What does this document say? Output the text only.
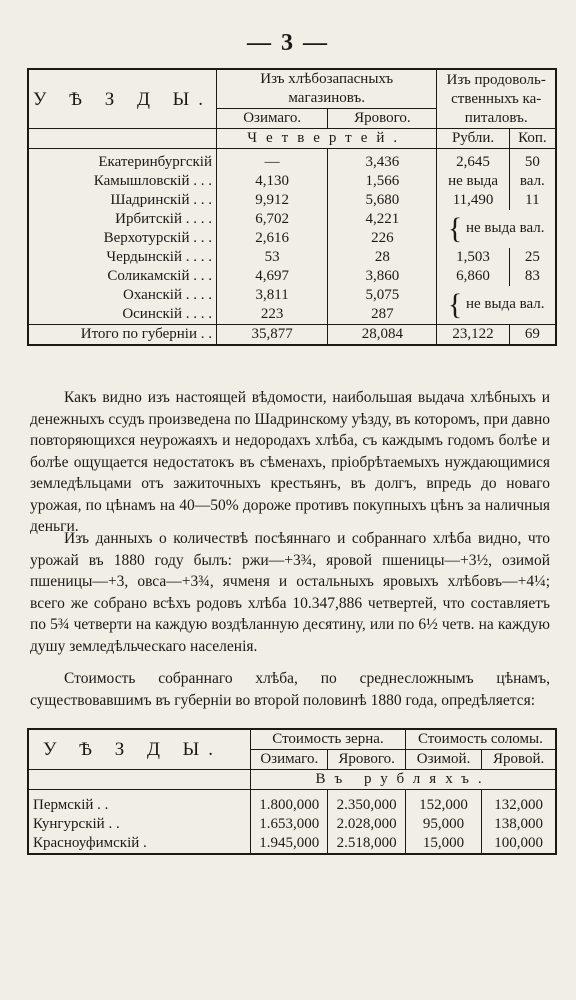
— 3 —
У Ѣ З Д Ы.	Изъ хлѣбозапасныхъ магазиновъ.		Изъ продоволь-ственныхъ ка-питаловъ.	
	Озимаго.	Ярового.		
	Четвертей.		Рубли.	Коп.

Екатеринбургскій	—	3,436	2,645	50
Камышловскій . . .	4,130	1,566	не выда	вал.
Шадринскій . . .	9,912	5,680	11,490	11
Ирбитскій . . . .	6,702	4,221	{ не выда вал.	
Верхотурскій . . .	2,616	226		
Чердынскій . . . .	53	28	1,503	25
Соликамскій . . .	4,697	3,860	6,860	83
Оханскій . . . .	3,811	5,075	{ не выда вал.	
Осинскій . . . .	223	287		
Итого по губерніи . .	35,877	28,084	23,122	69

Какъ видно изъ настоящей вѣдомости, наибольшая выдача хлѣбныхъ и денежныхъ ссудъ произведена по Шадринскому уѣзду, въ которомъ, при давно повторяющихся неурожаяхъ и недородахъ хлѣба, съ каждымъ годомъ болѣе и болѣе ощущается недостатокъ въ сѣменахъ, пріобрѣтаемыхъ нуждающимися земледѣльцами отъ зажиточныхъ крестьянъ, въ долгъ, впредь до новаго урожая, по цѣнамъ на 40—50% дороже противъ покупныхъ цѣнъ за наличныя деньги.

Изъ данныхъ о количествѣ посѣяннаго и собраннаго хлѣба видно, что урожай въ 1880 году былъ: ржи—+3¾, яровой пшеницы—+3½, озимой пшеницы—+3, овса—+3¾, ячменя и остальныхъ яровыхъ хлѣбовъ—+4¼; всего же собрано всѣхъ родовъ хлѣба 10.347,886 четвертей, что составляетъ по 5¾ четверти на каждую воздѣланную десятину, или по 6½ четв. на каждую душу земледѣльческаго населенія.

Стоимость собраннаго хлѣба, по среднесложнымъ цѣнамъ, существовавшимъ въ губерніи во второй половинѣ 1880 года, опредѣляется:

У Ѣ З Д Ы.	Стоимость зерна.		Стоимость соломы.	
	Озимаго.	Ярового.	Озимой.	Яровой.
	Въ рубляхъ.			

Пермскій . .	1.800,000	2.350,000	152,000	132,000
Кунгурскій . .	1.653,000	2.028,000	95,000	138,000
Красноуфимскій .	1.945,000	2.518,000	15,000	100,000
